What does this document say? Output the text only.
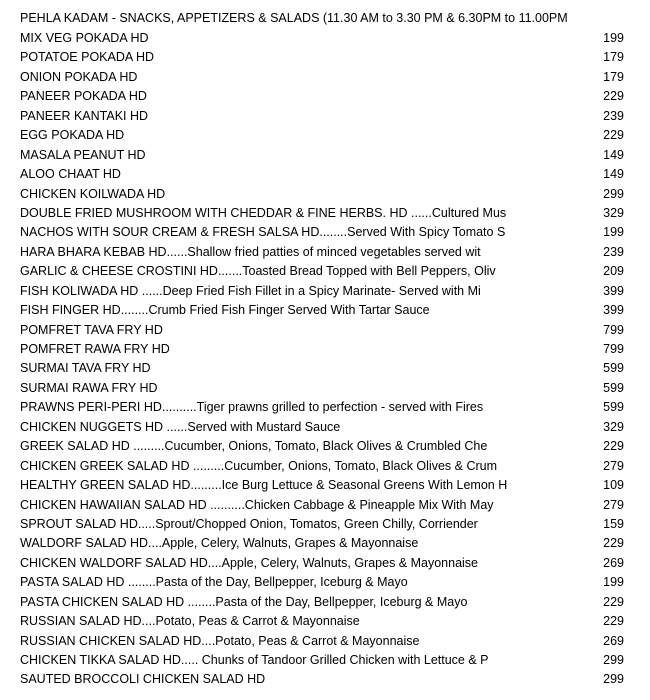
PEHLA KADAM - SNACKS, APPETIZERS & SALADS (11.30 AM to 3.30 PM & 6.30PM to 11.00PM
MIX VEG POKADA HD	199
POTATOE POKADA HD	179
ONION POKADA HD	179
PANEER POKADA HD	229
PANEER KANTAKI HD	239
EGG POKADA HD	229
MASALA PEANUT HD	149
ALOO CHAAT HD	149
CHICKEN KOILWADA HD	299
DOUBLE FRIED MUSHROOM WITH CHEDDAR & FINE HERBS. HD ......Cultured Mus	329
NACHOS WITH SOUR CREAM & FRESH SALSA HD........Served With Spicy Tomato S	199
HARA BHARA KEBAB HD......Shallow fried patties of minced vegetables served wit	239
GARLIC & CHEESE CROSTINI HD.......Toasted Bread Topped with Bell Peppers, Oliv	209
FISH KOLIWADA HD ......Deep Fried Fish Fillet in a Spicy Marinate- Served with Mi	399
FISH FINGER HD........Crumb Fried Fish Finger Served With Tartar Sauce	399
POMFRET TAVA FRY HD	799
POMFRET RAWA FRY HD	799
SURMAI TAVA FRY HD	599
SURMAI RAWA FRY HD	599
PRAWNS PERI-PERI HD..........Tiger prawns grilled to perfection - served with Fires	599
CHICKEN NUGGETS HD ......Served with Mustard Sauce	329
GREEK SALAD HD .........Cucumber, Onions, Tomato, Black Olives & Crumbled Che	229
CHICKEN GREEK SALAD HD .........Cucumber, Onions, Tomato, Black Olives & Crum	279
HEALTHY GREEN SALAD HD.........Ice Burg Lettuce & Seasonal Greens With Lemon H	109
CHICKEN HAWAIIAN SALAD HD ..........Chicken Cabbage & Pineapple Mix With May	279
SPROUT SALAD HD.....Sprout/Chopped Onion, Tomatos, Green Chilly, Corriender	159
WALDORF SALAD HD....Apple, Celery, Walnuts, Grapes & Mayonnaise	229
CHICKEN WALDORF SALAD HD....Apple, Celery, Walnuts, Grapes & Mayonnaise	269
PASTA SALAD HD ........Pasta of the Day, Bellpepper, Iceburg & Mayo	199
PASTA CHICKEN SALAD HD ........Pasta of the Day, Bellpepper, Iceburg & Mayo	229
RUSSIAN SALAD HD....Potato, Peas & Carrot & Mayonnaise	229
RUSSIAN CHICKEN SALAD HD....Potato, Peas & Carrot & Mayonnaise	269
CHICKEN TIKKA SALAD HD..... Chunks of Tandoor Grilled Chicken with Lettuce & P	299
SAUTED BROCCOLI CHICKEN SALAD HD	299
